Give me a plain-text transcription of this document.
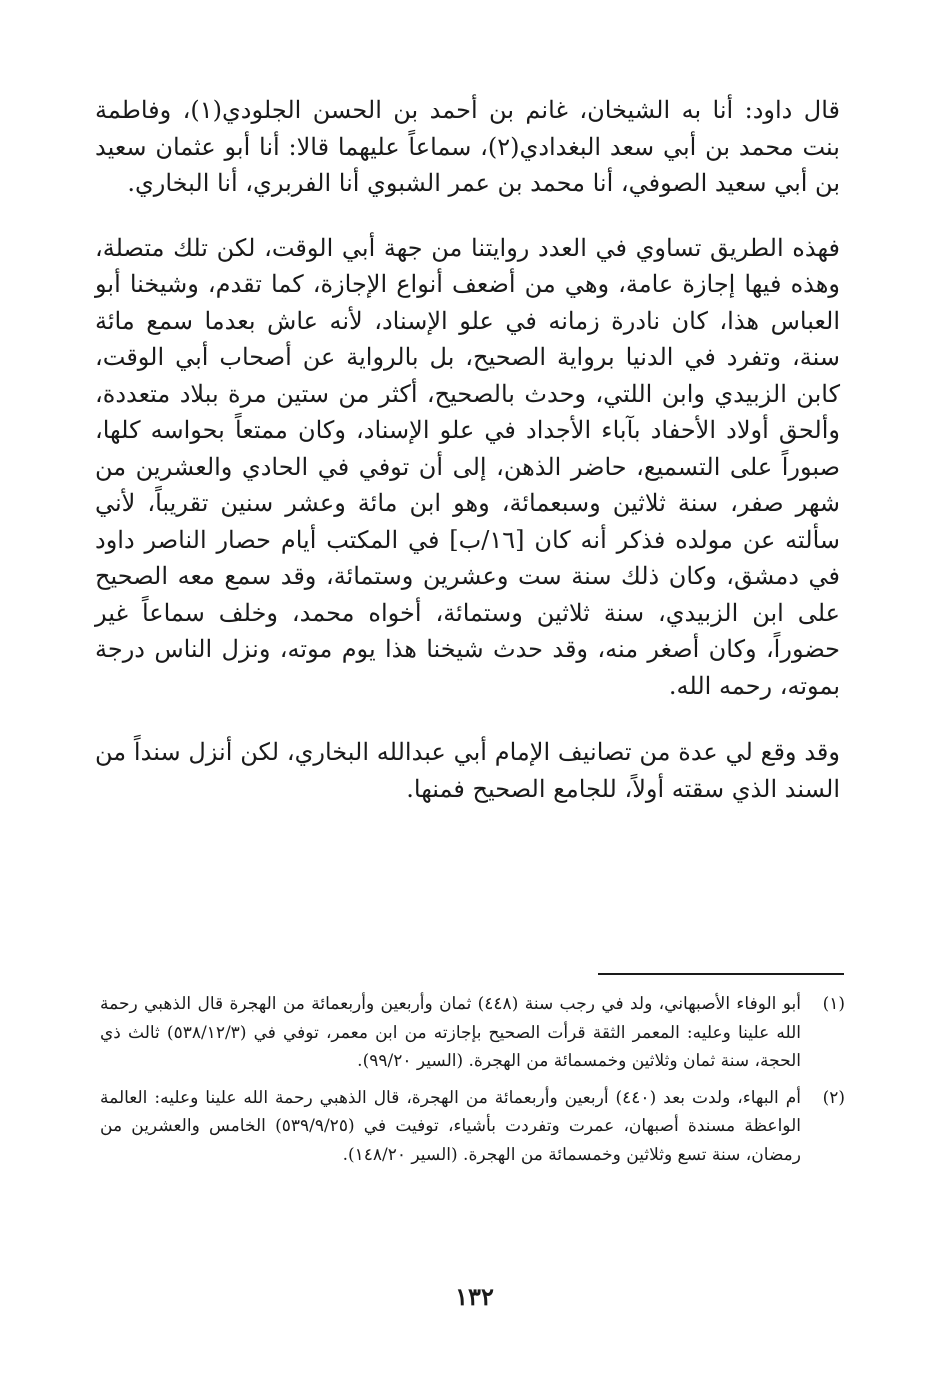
قال داود: أنا به الشيخان، غانم بن أحمد بن الحسن الجلودي(١)، وفاطمة بنت محمد بن أبي سعد البغدادي(٢)، سماعاً عليهما قالا: أنا أبو عثمان سعيد بن أبي سعيد الصوفي، أنا محمد بن عمر الشبوي أنا الفربري، أنا البخاري.

فهذه الطريق تساوي في العدد روايتنا من جهة أبي الوقت، لكن تلك متصلة، وهذه فيها إجازة عامة، وهي من أضعف أنواع الإجازة، كما تقدم، وشيخنا أبو العباس هذا، كان نادرة زمانه في علو الإسناد، لأنه عاش بعدما سمع مائة سنة، وتفرد في الدنيا برواية الصحيح، بل بالرواية عن أصحاب أبي الوقت، كابن الزبيدي وابن اللتي، وحدث بالصحيح، أكثر من ستين مرة ببلاد متعددة، وألحق أولاد الأحفاد بآباء الأجداد في علو الإسناد، وكان ممتعاً بحواسه كلها، صبوراً على التسميع، حاضر الذهن، إلى أن توفي في الحادي والعشرين من شهر صفر، سنة ثلاثين وسبعمائة، وهو ابن مائة وعشر سنين تقريباً، لأني سألته عن مولده فذكر أنه كان [١٦/ب] في المكتب أيام حصار الناصر داود في دمشق، وكان ذلك سنة ست وعشرين وستمائة، وقد سمع معه الصحيح على ابن الزبيدي، سنة ثلاثين وستمائة، أخواه محمد، وخلف سماعاً غير حضوراً، وكان أصغر منه، وقد حدث شيخنا هذا يوم موته، ونزل الناس درجة بموته، رحمه الله.

وقد وقع لي عدة من تصانيف الإمام أبي عبدالله البخاري، لكن أنزل سنداً من السند الذي سقته أولاً، للجامع الصحيح فمنها.

(١)
أبو الوفاء الأصبهاني، ولد في رجب سنة (٤٤٨) ثمان وأربعين وأربعمائة من الهجرة قال الذهبي رحمة الله علينا وعليه: المعمر الثقة قرأت الصحيح بإجازته من ابن معمر، توفي في (٥٣٨/١٢/٣) ثالث ذي الحجة، سنة ثمان وثلاثين وخمسمائة من الهجرة. (السير ٩٩/٢٠).
(٢)
أم البهاء، ولدت بعد (٤٤٠) أربعين وأربعمائة من الهجرة، قال الذهبي رحمة الله علينا وعليه: العالمة الواعظة مسندة أصبهان، عمرت وتفردت بأشياء، توفيت في (٥٣٩/٩/٢٥) الخامس والعشرين من رمضان، سنة تسع وثلاثين وخمسمائة من الهجرة. (السير ١٤٨/٢٠).
١٣٢
